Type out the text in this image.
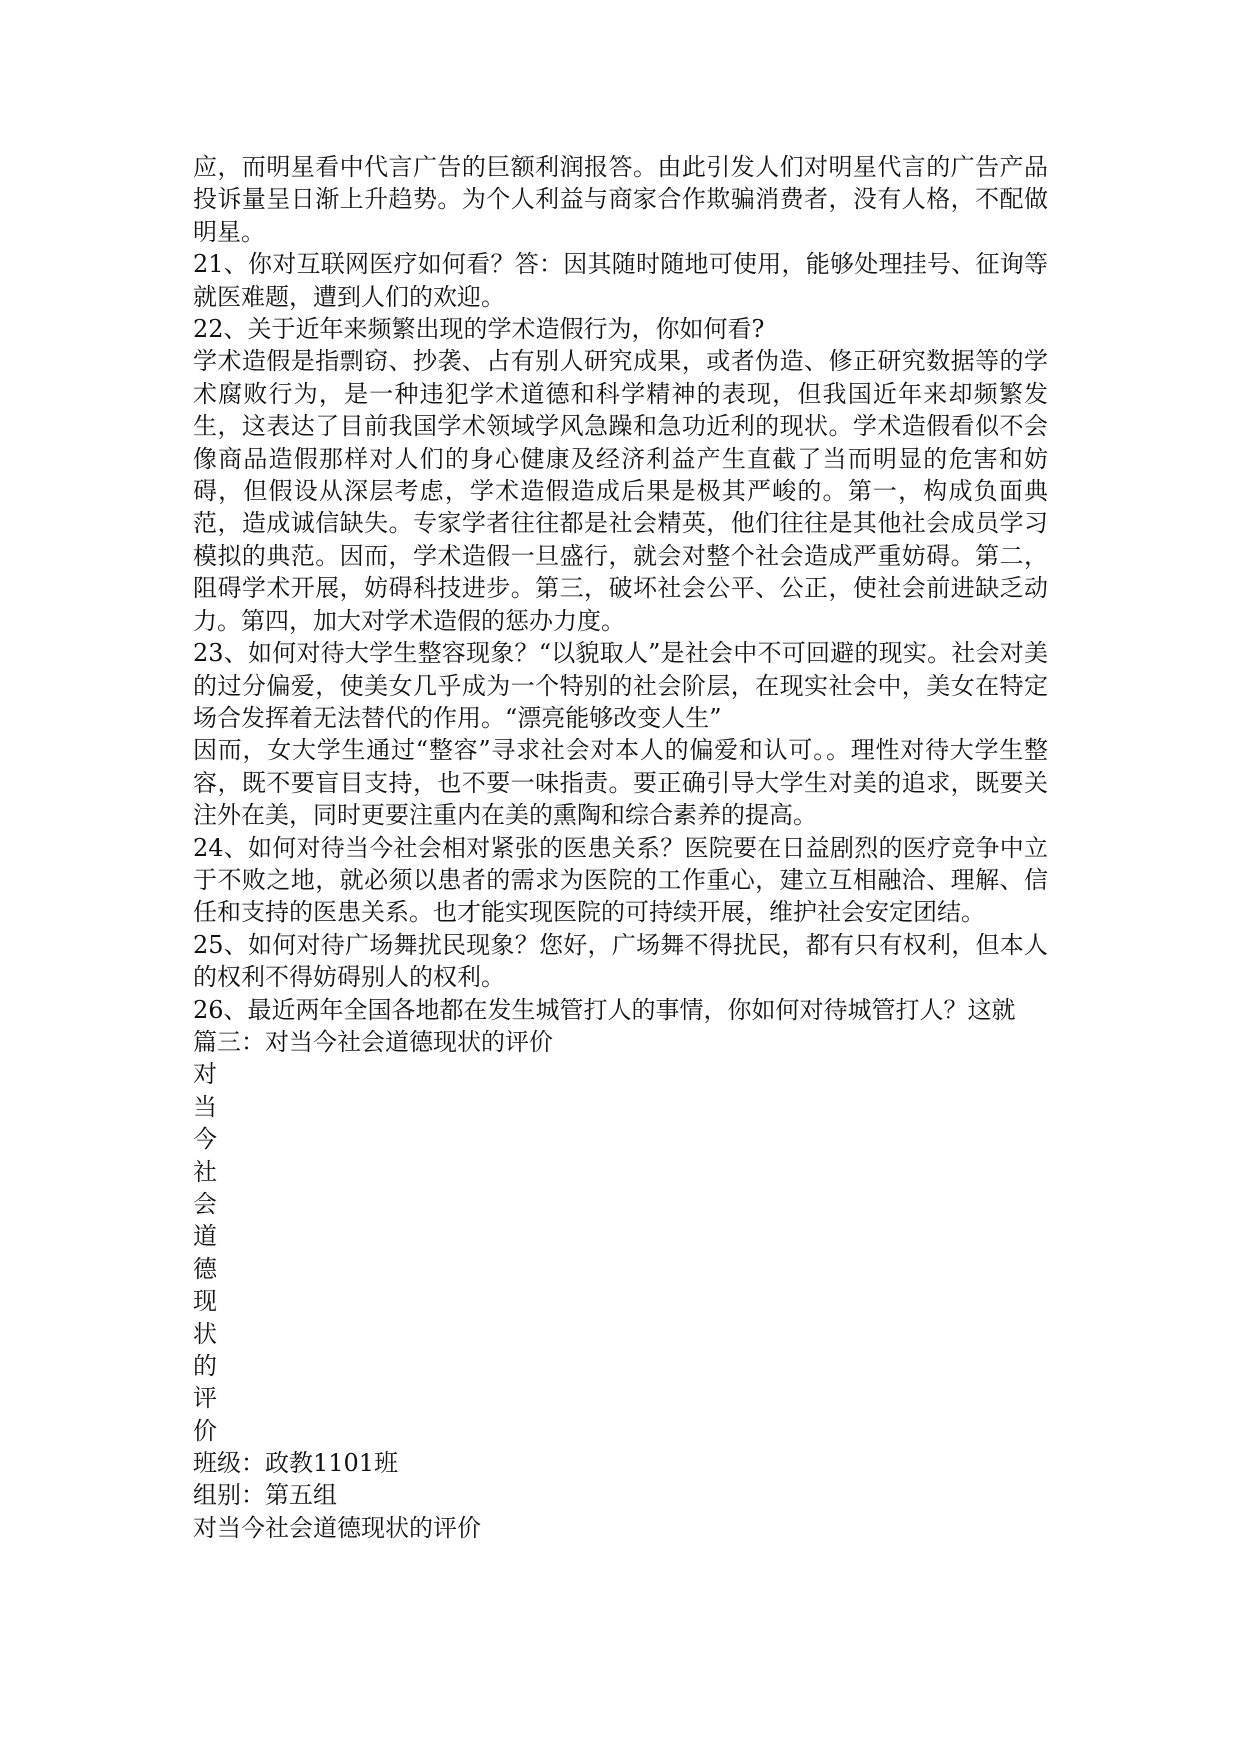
应，而明星看中代言广告的巨额利润报答。由此引发人们对明星代言的广告产品投诉量呈日渐上升趋势。为个人利益与商家合作欺骗消费者，没有人格，不配做明星。

21、你对互联网医疗如何看？答：因其随时随地可使用，能够处理挂号、征询等就医难题，遭到人们的欢迎。

22、关于近年来频繁出现的学术造假行为，你如何看?

学术造假是指剽窃、抄袭、占有别人研究成果，或者伪造、修正研究数据等的学术腐败行为，是一种违犯学术道德和科学精神的表现，但我国近年来却频繁发生，这表达了目前我国学术领域学风急躁和急功近利的现状。学术造假看似不会像商品造假那样对人们的身心健康及经济利益产生直截了当而明显的危害和妨碍，但假设从深层考虑，学术造假造成后果是极其严峻的。第一，构成负面典范，造成诚信缺失。专家学者往往都是社会精英，他们往往是其他社会成员学习模拟的典范。因而，学术造假一旦盛行，就会对整个社会造成严重妨碍。第二，阻碍学术开展，妨碍科技进步。第三，破坏社会公平、公正，使社会前进缺乏动力。第四，加大对学术造假的惩办力度。

23、如何对待大学生整容现象？“以貌取人”是社会中不可回避的现实。社会对美的过分偏爱，使美女几乎成为一个特别的社会阶层，在现实社会中，美女在特定场合发挥着无法替代的作用。“漂亮能够改变人生”

因而，女大学生通过“整容”寻求社会对本人的偏爱和认可。。理性对待大学生整容，既不要盲目支持，也不要一味指责。要正确引导大学生对美的追求，既要关注外在美，同时更要注重内在美的熏陶和综合素养的提高。

24、如何对待当今社会相对紧张的医患关系？医院要在日益剧烈的医疗竞争中立于不败之地，就必须以患者的需求为医院的工作重心，建立互相融洽、理解、信任和支持的医患关系。也才能实现医院的可持续开展，维护社会安定团结。

25、如何对待广场舞扰民现象？您好，广场舞不得扰民，都有只有权利，但本人的权利不得妨碍别人的权利。

26、最近两年全国各地都在发生城管打人的事情，你如何对待城管打人？这就

篇三：对当今社会道德现状的评价

对
当
今
社
会
道
德
现
状
的
评
价

班级：政教1101班

组别：第五组

对当今社会道德现状的评价
